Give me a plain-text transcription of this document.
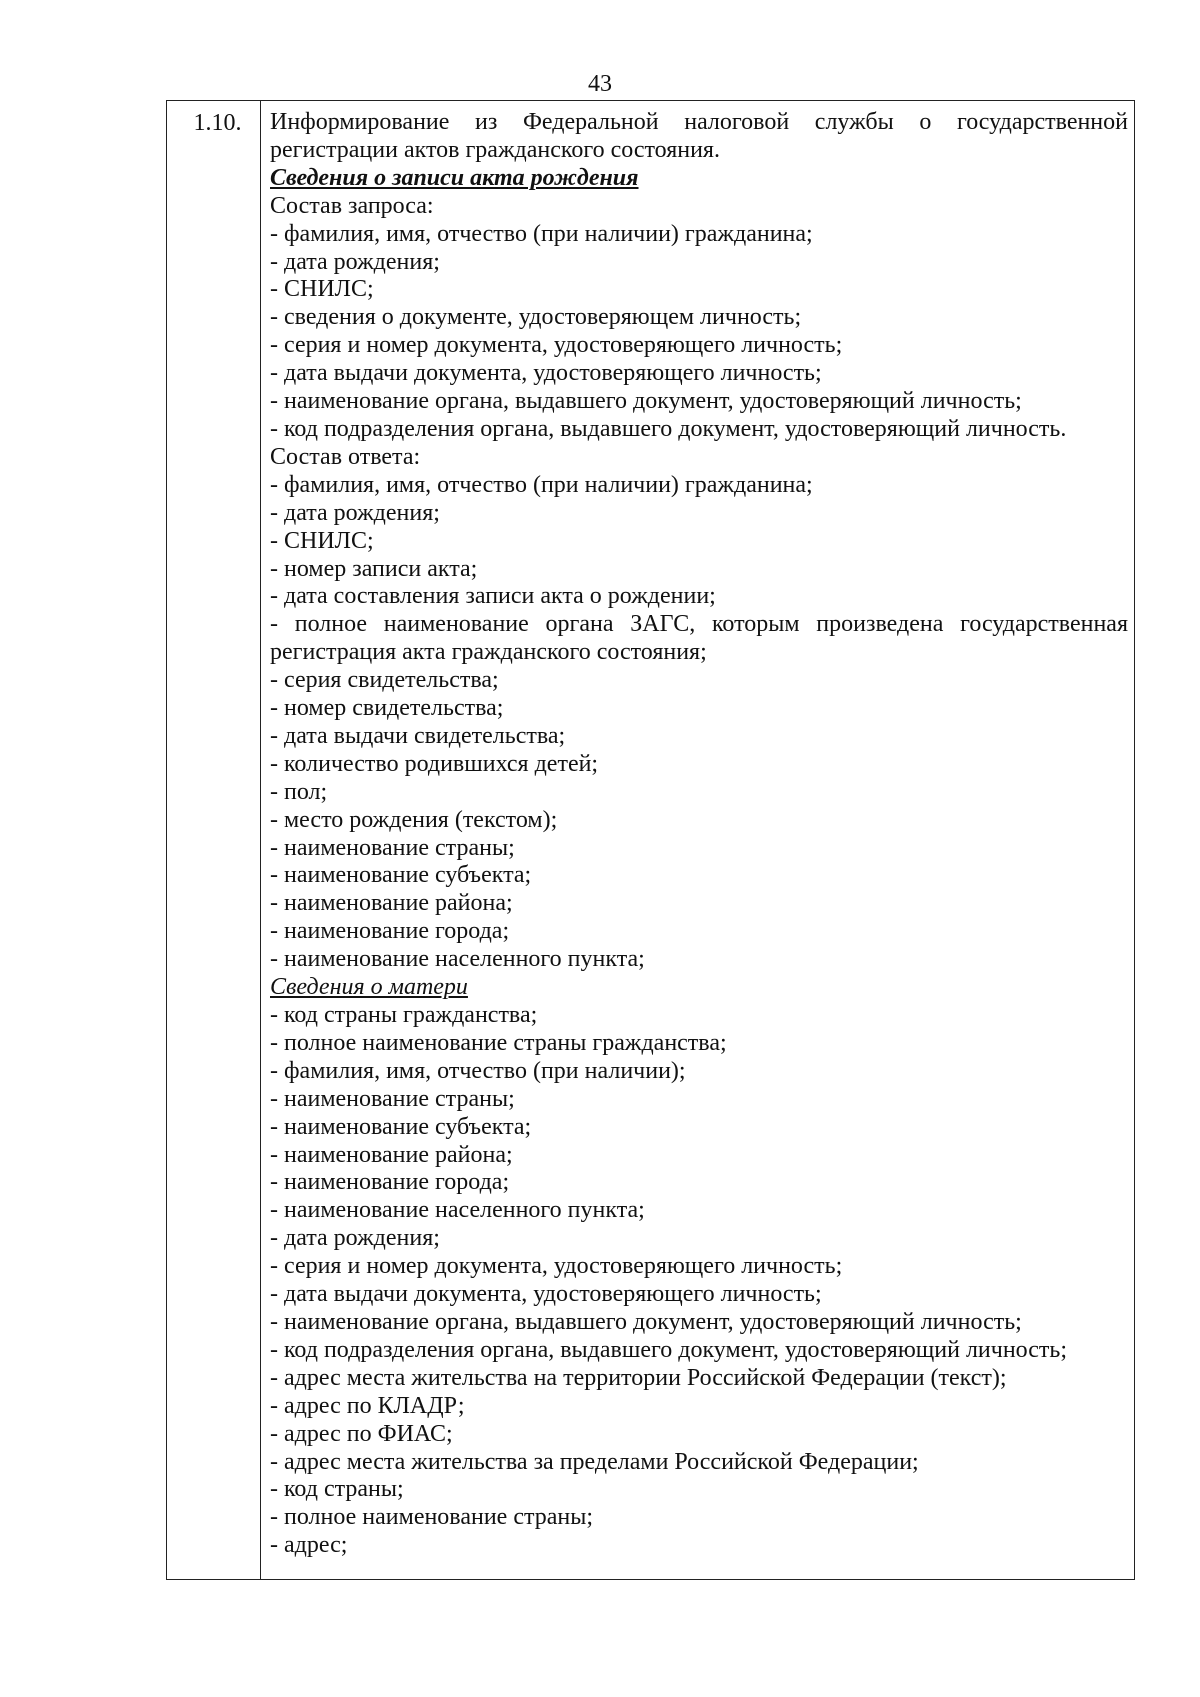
43
1.10.	Информирование из Федеральной налоговой службы о государственной
регистрации актов гражданского состояния.
Сведения о записи акта рождения
Состав запроса:
- фамилия, имя, отчество (при наличии) гражданина;
- дата рождения;
- СНИЛС;
- сведения о документе, удостоверяющем личность;
- серия и номер документа, удостоверяющего личность;
- дата выдачи документа, удостоверяющего личность;
- наименование органа, выдавшего документ, удостоверяющий личность;
- код подразделения органа, выдавшего документ, удостоверяющий личность.
Состав ответа:
- фамилия, имя, отчество (при наличии) гражданина;
- дата рождения;
- СНИЛС;
- номер записи акта;
- дата составления записи акта о рождении;
- полное наименование органа ЗАГС, которым произведена государственная
регистрация акта гражданского состояния;
- серия свидетельства;
- номер свидетельства;
- дата выдачи свидетельства;
- количество родившихся детей;
- пол;
- место рождения (текстом);
- наименование страны;
- наименование субъекта;
- наименование района;
- наименование города;
- наименование населенного пункта;
Сведения о матери
- код страны гражданства;
- полное наименование страны гражданства;
- фамилия, имя, отчество (при наличии);
- наименование страны;
- наименование субъекта;
- наименование района;
- наименование города;
- наименование населенного пункта;
- дата рождения;
- серия и номер документа, удостоверяющего личность;
- дата выдачи документа, удостоверяющего личность;
- наименование органа, выдавшего документ, удостоверяющий личность;
- код подразделения органа, выдавшего документ, удостоверяющий личность;
- адрес места жительства на территории Российской Федерации (текст);
- адрес по КЛАДР;
- адрес по ФИАС;
- адрес места жительства за пределами Российской Федерации;
- код страны;
- полное наименование страны;
- адрес;
